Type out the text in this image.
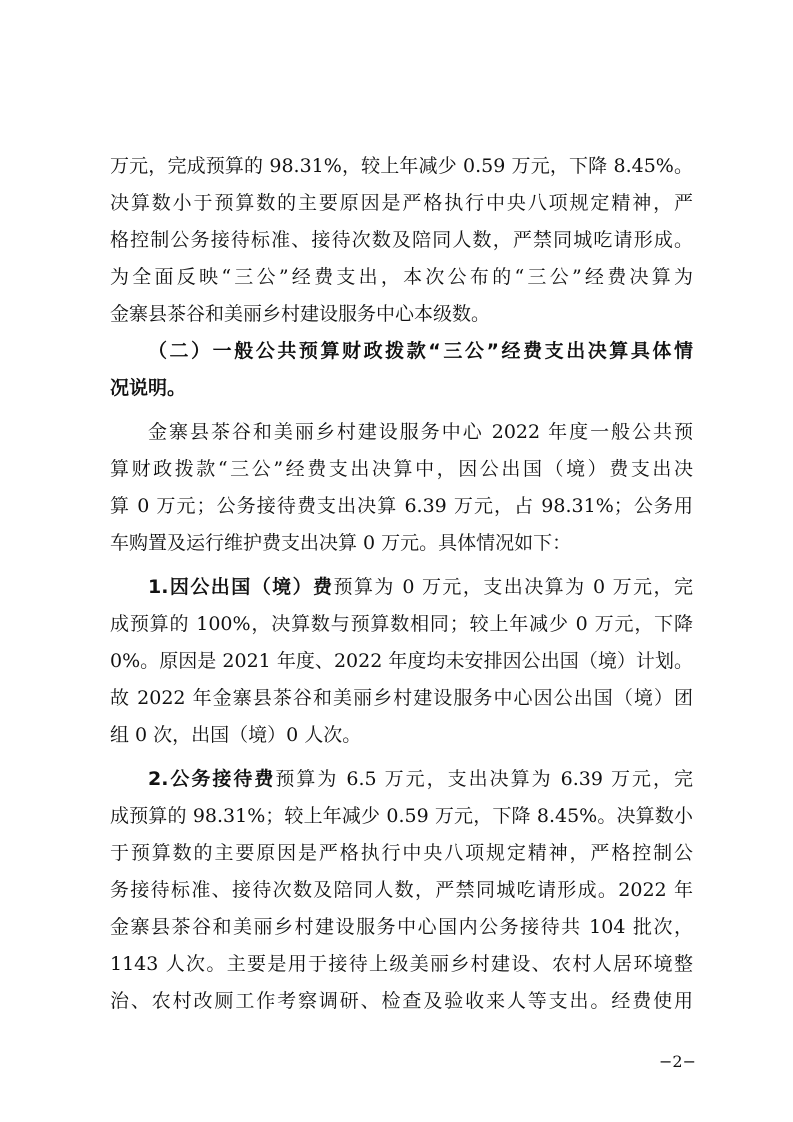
万元，完成预算的 98.31%，较上年减少 0.59 万元，下降 8.45%。
决算数小于预算数的主要原因是严格执行中央八项规定精神，严
格控制公务接待标准、接待次数及陪同人数，严禁同城吃请形成。
为全面反映“三公”经费支出，本次公布的“三公”经费决算为
金寨县茶谷和美丽乡村建设服务中心本级数。
（二）一般公共预算财政拨款“三公”经费支出决算具体情
况说明。
金寨县茶谷和美丽乡村建设服务中心 2022 年度一般公共预
算财政拨款“三公”经费支出决算中，因公出国（境）费支出决
算 0 万元；公务接待费支出决算 6.39 万元，占 98.31%；公务用
车购置及运行维护费支出决算 0 万元。具体情况如下：
1.因公出国（境）费预算为 0 万元，支出决算为 0 万元，完
成预算的 100%，决算数与预算数相同；较上年减少 0 万元，下降
0%。原因是 2021 年度、2022 年度均未安排因公出国（境）计划。
故 2022 年金寨县茶谷和美丽乡村建设服务中心因公出国（境）团
组 0 次，出国（境）0 人次。
2.公务接待费预算为 6.5 万元，支出决算为 6.39 万元，完
成预算的 98.31%；较上年减少 0.59 万元，下降 8.45%。决算数小
于预算数的主要原因是严格执行中央八项规定精神，严格控制公
务接待标准、接待次数及陪同人数，严禁同城吃请形成。2022 年
金寨县茶谷和美丽乡村建设服务中心国内公务接待共 104 批次，
1143 人次。主要是用于接待上级美丽乡村建设、农村人居环境整
治、农村改厕工作考察调研、检查及验收来人等支出。经费使用
−2−
